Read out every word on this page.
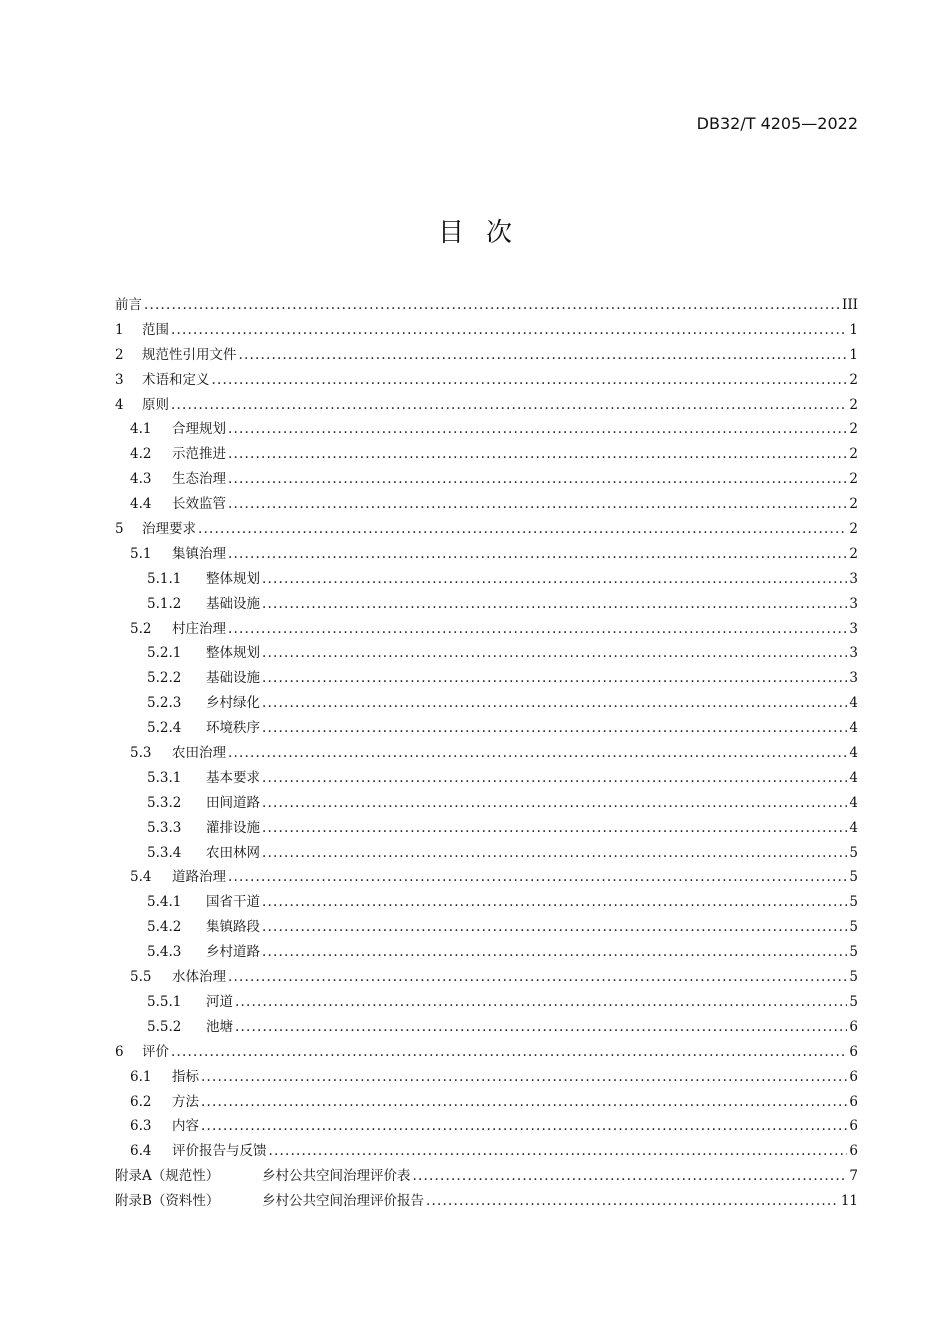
DB32/T 4205—2022
目次
前言 .....	III
1	范围 .....	1
2	规范性引用文件 .....	1
3	术语和定义 .....	2
4	原则 .....	2
4.1	合理规划 .....	2
4.2	示范推进 .....	2
4.3	生态治理 .....	2
4.4	长效监管 .....	2
5	治理要求 .....	2
5.1	集镇治理 .....	2
5.1.1	整体规划 .....	3
5.1.2	基础设施 .....	3
5.2	村庄治理 .....	3
5.2.1	整体规划 .....	3
5.2.2	基础设施 .....	3
5.2.3	乡村绿化 .....	4
5.2.4	环境秩序 .....	4
5.3	农田治理 .....	4
5.3.1	基本要求 .....	4
5.3.2	田间道路 .....	4
5.3.3	灌排设施 .....	4
5.3.4	农田林网 .....	5
5.4	道路治理 .....	5
5.4.1	国省干道 .....	5
5.4.2	集镇路段 .....	5
5.4.3	乡村道路 .....	5
5.5	水体治理 .....	5
5.5.1	河道 .....	5
5.5.2	池塘 .....	6
6	评价 .....	6
6.1	指标 .....	6
6.2	方法 .....	6
6.3	内容 .....	6
6.4	评价报告与反馈 .....	6
附录A（规范性）	乡村公共空间治理评价表 .....	7
附录B（资料性）	乡村公共空间治理评价报告 .....	11
